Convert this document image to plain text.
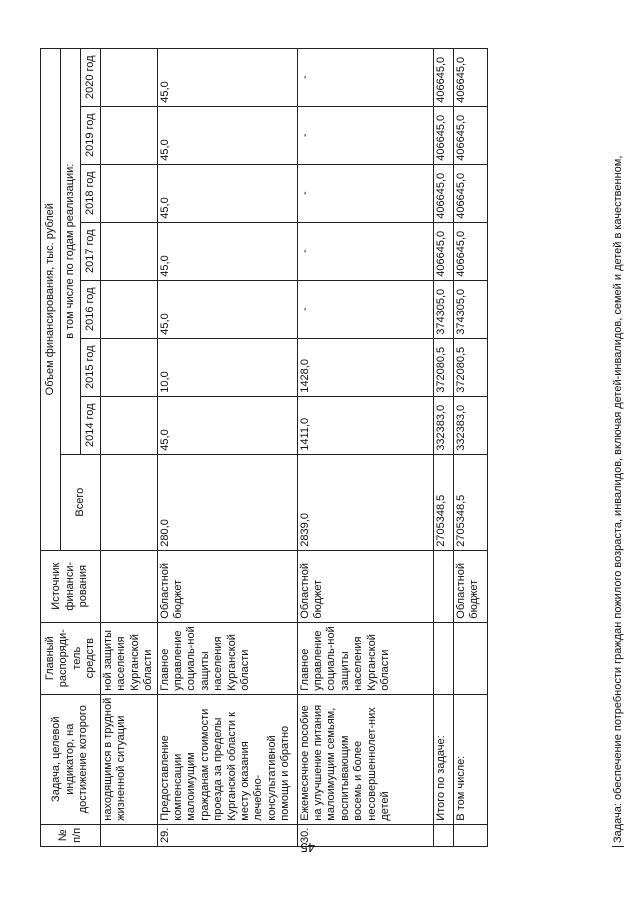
45
№ п/п	Задача, целевой индикатор, на достижение которого	Главный распоряди-тель средств	Источник финанси-рования	Объем финансирования, тыс. рублей							
				Всего	в том числе по годам реализации:						
					2014 год	2015 год	2016 год	2017 год	2018 год	2019 год	2020 год
	находящимся в трудной жизненной ситуации	ной защиты населения Курганской области									
29.	Предоставление компенсации малоимущим гражданам стоимости проезда за пределы Курганской области к месту оказания лечебно-консультативной помощи и обратно	Главное управление социаль-ной защиты населения Курганской области	Областной бюджет	280,0	45,0	10,0	45,0	45,0	45,0	45,0	45,0
30.	Ежемесячное пособие на улучшение питания малоимущим семьям, воспитывающим восемь и более несовершеннолет-них детей	Главное управление социаль-ной защиты населения Курганской области	Областной бюджет	2839,0	1411,0	1428,0	-	-	-	-	-
	Итого по задаче:			2705348,5	332383,0	372080,5	374305,0	406645,0	406645,0	406645,0	406645,0
	В том числе:		Областной бюджет	2705348,5	332383,0	372080,5	374305,0	406645,0	406645,0	406645,0	406645,0
Задача: обеспечение потребности граждан пожилого возраста, инвалидов, включая детей-инвалидов, семей и детей в качественном,
